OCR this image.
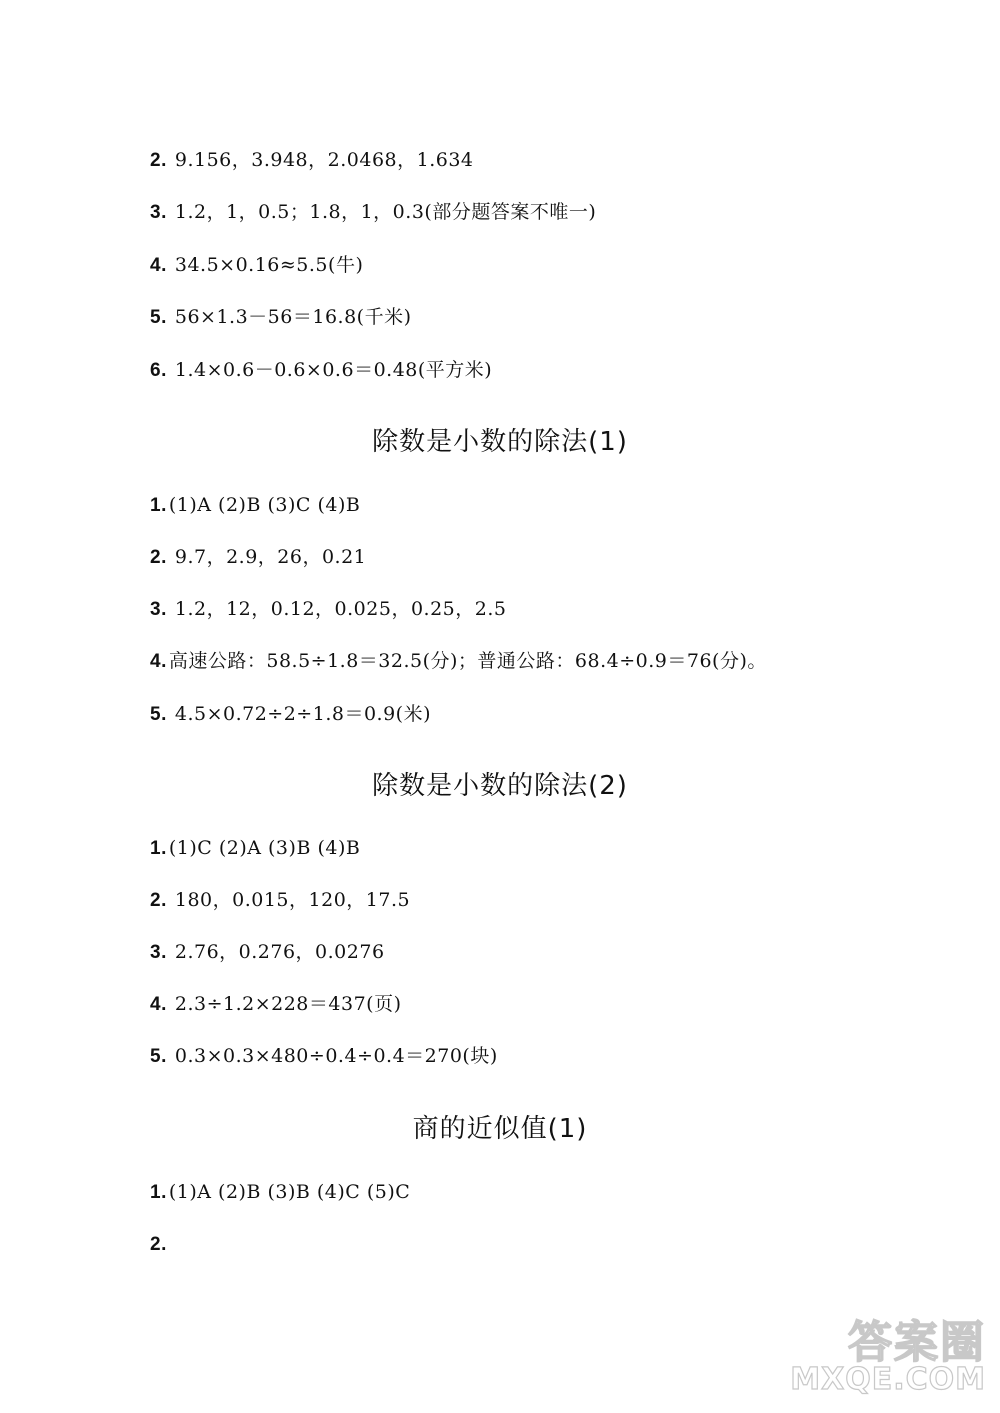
2. 9.156，3.948，2.0468，1.634
3. 1.2，1，0.5；1.8，1，0.3(部分题答案不唯一)
4. 34.5×0.16≈5.5(牛)
5. 56×1.3－56＝16.8(千米)
6. 1.4×0.6－0.6×0.6＝0.48(平方米)
除数是小数的除法(1)
1. (1)A (2)B (3)C (4)B
2. 9.7，2.9，26，0.21
3. 1.2，12，0.12，0.025，0.25，2.5
4. 高速公路：58.5÷1.8＝32.5(分)；普通公路：68.4÷0.9＝76(分)。
5. 4.5×0.72÷2÷1.8＝0.9(米)
除数是小数的除法(2)
1. (1)C (2)A (3)B (4)B
2. 180，0.015，120，17.5
3. 2.76，0.276，0.0276
4. 2.3÷1.2×228＝437(页)
5. 0.3×0.3×480÷0.4÷0.4＝270(块)
商的近似值(1)
1. (1)A (2)B (3)B (4)C (5)C
2.
答案圈
MXQE.COM
